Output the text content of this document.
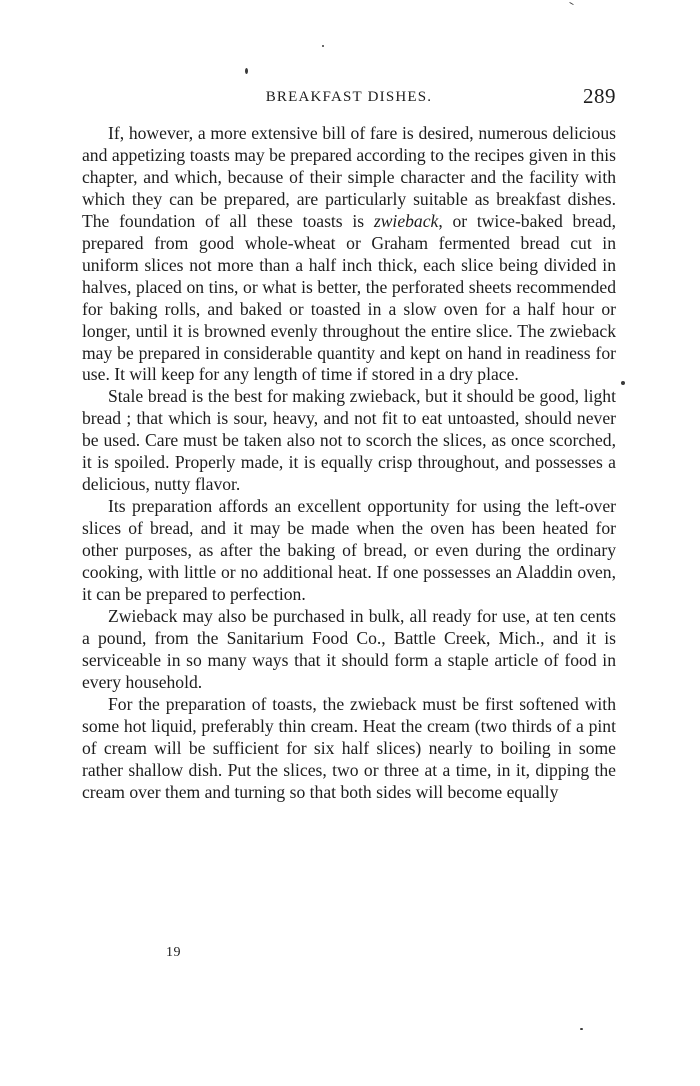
BREAKFAST DISHES.	289

If, however, a more extensive bill of fare is desired, numerous delicious and appetizing toasts may be prepared according to the recipes given in this chapter, and which, because of their simple character and the facility with which they can be prepared, are particularly suitable as breakfast dishes. The foundation of all these toasts is zwieback, or twice-baked bread, prepared from good whole-wheat or Graham fermented bread cut in uniform slices not more than a half inch thick, each slice being divided in halves, placed on tins, or what is better, the perforated sheets recommended for baking rolls, and baked or toasted in a slow oven for a half hour or longer, until it is browned evenly throughout the entire slice. The zwieback may be prepared in considerable quantity and kept on hand in readiness for use. It will keep for any length of time if stored in a dry place.

Stale bread is the best for making zwieback, but it should be good, light bread ; that which is sour, heavy, and not fit to eat untoasted, should never be used. Care must be taken also not to scorch the slices, as once scorched, it is spoiled. Properly made, it is equally crisp throughout, and possesses a delicious, nutty flavor.

Its preparation affords an excellent opportunity for using the left-over slices of bread, and it may be made when the oven has been heated for other purposes, as after the baking of bread, or even during the ordinary cooking, with little or no additional heat. If one possesses an Aladdin oven, it can be prepared to perfection.

Zwieback may also be purchased in bulk, all ready for use, at ten cents a pound, from the Sanitarium Food Co., Battle Creek, Mich., and it is serviceable in so many ways that it should form a staple article of food in every household.

For the preparation of toasts, the zwieback must be first softened with some hot liquid, preferably thin cream. Heat the cream (two thirds of a pint of cream will be sufficient for six half slices) nearly to boiling in some rather shallow dish. Put the slices, two or three at a time, in it, dipping the cream over them and turning so that both sides will become equally

19
